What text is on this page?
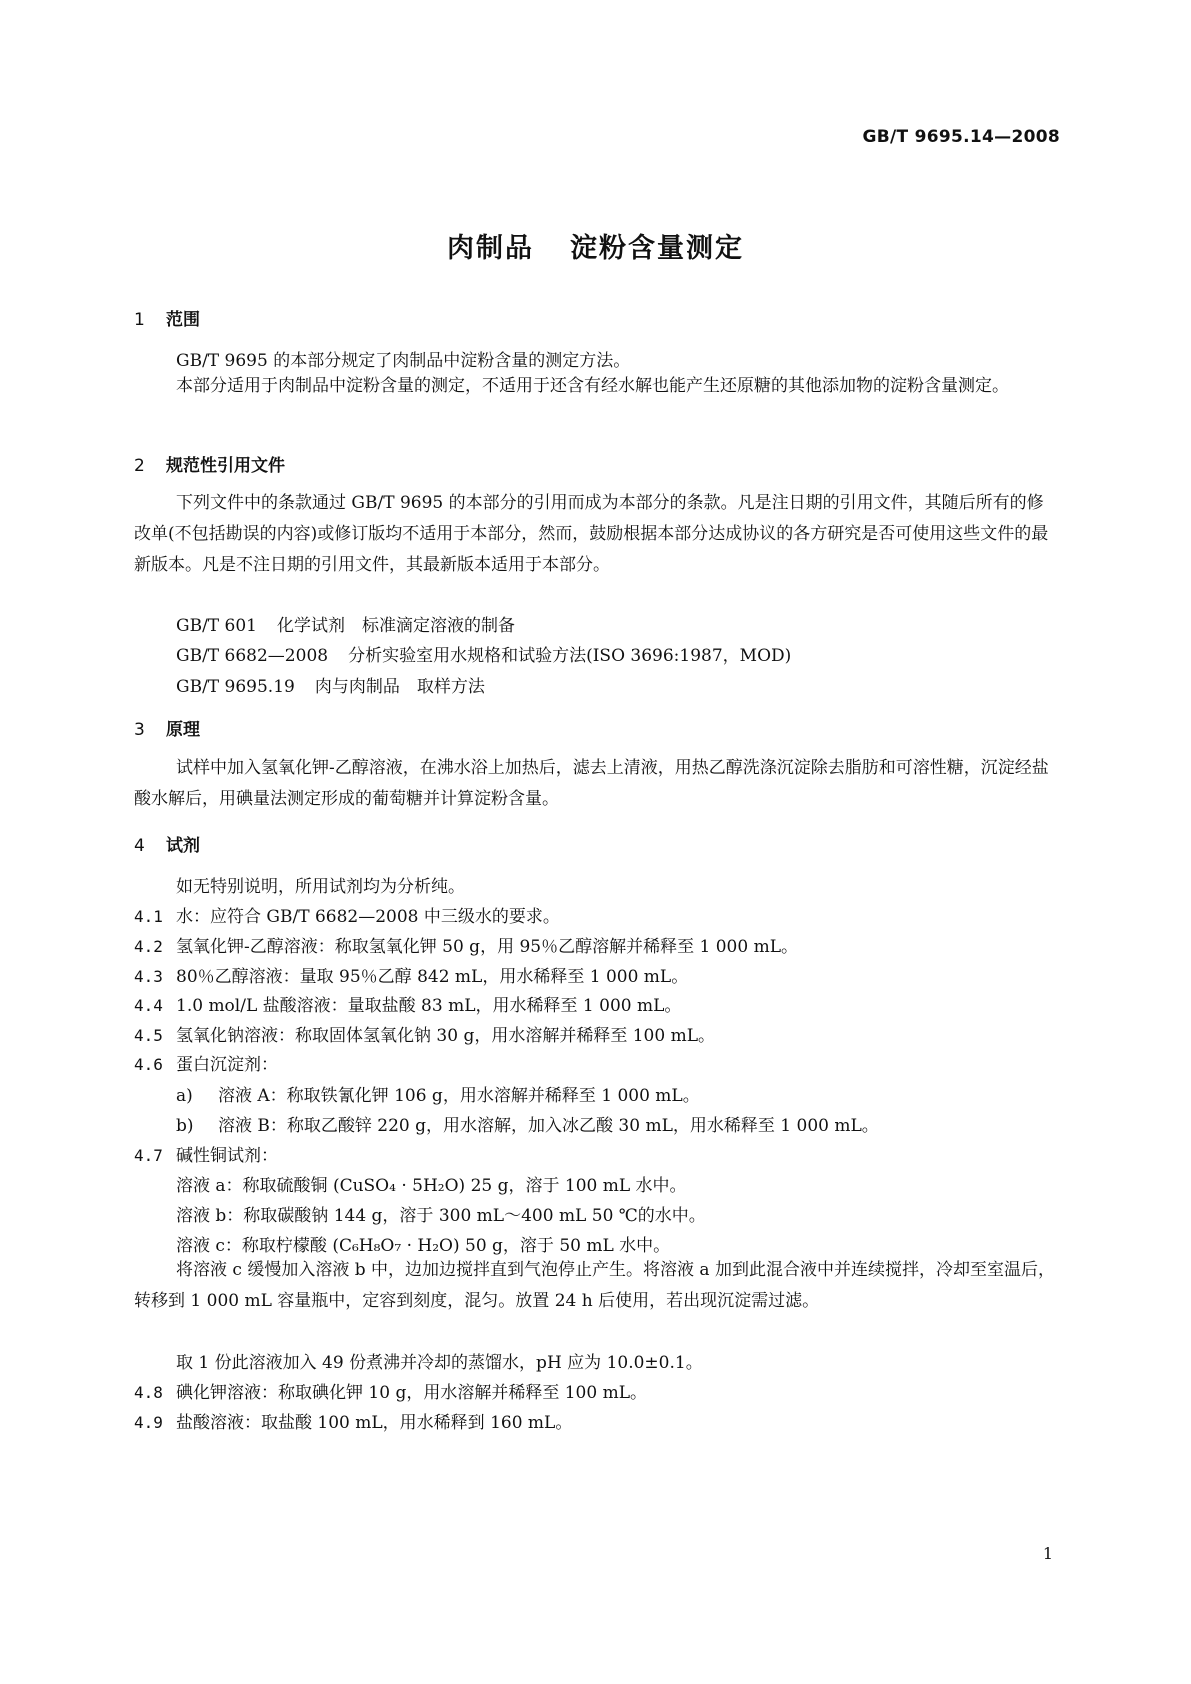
GB/T 9695.14—2008
肉制品 淀粉含量测定
1 范围
GB/T 9695 的本部分规定了肉制品中淀粉含量的测定方法。
本部分适用于肉制品中淀粉含量的测定，不适用于还含有经水解也能产生还原糖的其他添加物的淀粉含量测定。
2 规范性引用文件
下列文件中的条款通过 GB/T 9695 的本部分的引用而成为本部分的条款。凡是注日期的引用文件，其随后所有的修改单(不包括勘误的内容)或修订版均不适用于本部分，然而，鼓励根据本部分达成协议的各方研究是否可使用这些文件的最新版本。凡是不注日期的引用文件，其最新版本适用于本部分。
GB/T 601 化学试剂　标准滴定溶液的制备
GB/T 6682—2008 分析实验室用水规格和试验方法(ISO 3696:1987，MOD)
GB/T 9695.19 肉与肉制品　取样方法
3 原理
试样中加入氢氧化钾-乙醇溶液，在沸水浴上加热后，滤去上清液，用热乙醇洗涤沉淀除去脂肪和可溶性糖，沉淀经盐酸水解后，用碘量法测定形成的葡萄糖并计算淀粉含量。
4 试剂
如无特别说明，所用试剂均为分析纯。
4.1 水：应符合 GB/T 6682—2008 中三级水的要求。
4.2 氢氧化钾-乙醇溶液：称取氢氧化钾 50 g，用 95％乙醇溶解并稀释至 1 000 mL。
4.3 80％乙醇溶液：量取 95％乙醇 842 mL，用水稀释至 1 000 mL。
4.4 1.0 mol/L 盐酸溶液：量取盐酸 83 mL，用水稀释至 1 000 mL。
4.5 氢氧化钠溶液：称取固体氢氧化钠 30 g，用水溶解并稀释至 100 mL。
4.6 蛋白沉淀剂：
a) 溶液 A：称取铁氰化钾 106 g，用水溶解并稀释至 1 000 mL。
b) 溶液 B：称取乙酸锌 220 g，用水溶解，加入冰乙酸 30 mL，用水稀释至 1 000 mL。
4.7 碱性铜试剂：
溶液 a：称取硫酸铜 (CuSO₄ · 5H₂O) 25 g，溶于 100 mL 水中。
溶液 b：称取碳酸钠 144 g，溶于 300 mL～400 mL 50 ℃的水中。
溶液 c：称取柠檬酸 (C₆H₈O₇ · H₂O) 50 g，溶于 50 mL 水中。
将溶液 c 缓慢加入溶液 b 中，边加边搅拌直到气泡停止产生。将溶液 a 加到此混合液中并连续搅拌，冷却至室温后，转移到 1 000 mL 容量瓶中，定容到刻度，混匀。放置 24 h 后使用，若出现沉淀需过滤。
取 1 份此溶液加入 49 份煮沸并冷却的蒸馏水，pH 应为 10.0±0.1。
4.8 碘化钾溶液：称取碘化钾 10 g，用水溶解并稀释至 100 mL。
4.9 盐酸溶液：取盐酸 100 mL，用水稀释到 160 mL。
1
